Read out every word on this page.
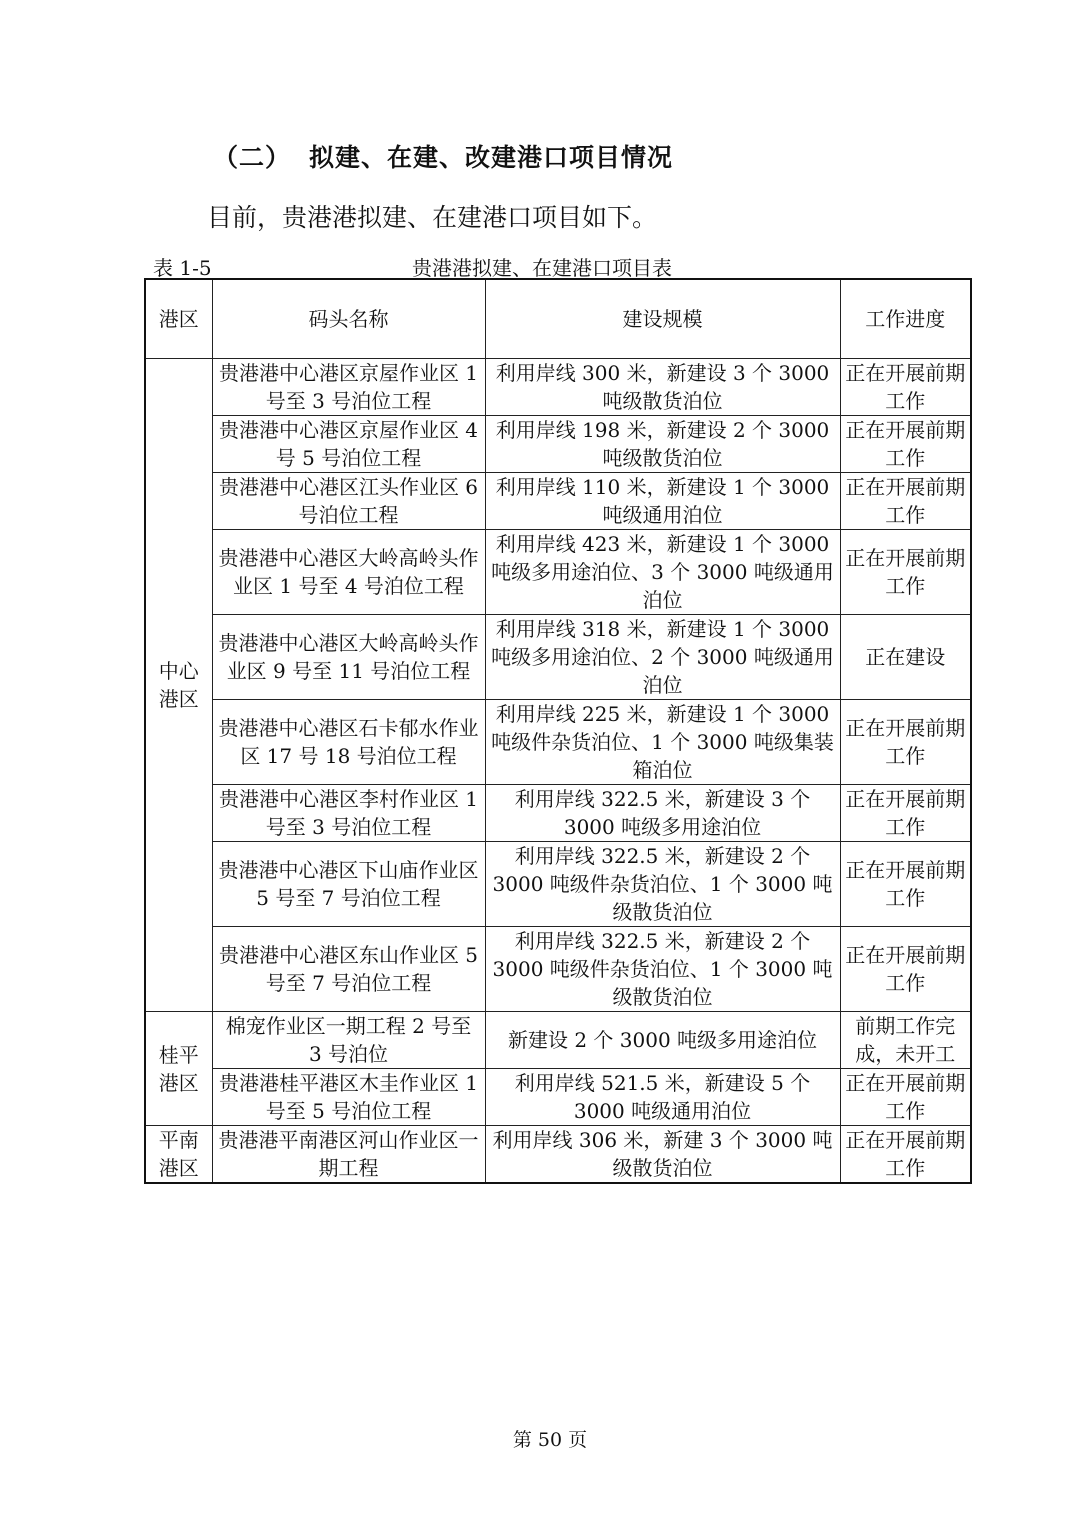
（二） 拟建、在建、改建港口项目情况
目前，贵港港拟建、在建港口项目如下。
表 1-5	贵港港拟建、在建港口项目表
港区	码头名称	建设规模	工作进度
中心港区	贵港港中心港区京屋作业区 1 号至 3 号泊位工程	利用岸线 300 米，新建设 3 个 3000 吨级散货泊位	正在开展前期工作
	贵港港中心港区京屋作业区 4 号 5 号泊位工程	利用岸线 198 米，新建设 2 个 3000 吨级散货泊位	正在开展前期工作
	贵港港中心港区江头作业区 6 号泊位工程	利用岸线 110 米，新建设 1 个 3000 吨级通用泊位	正在开展前期工作
	贵港港中心港区大岭高岭头作业区 1 号至 4 号泊位工程	利用岸线 423 米，新建设 1 个 3000 吨级多用途泊位、3 个 3000 吨级通用泊位	正在开展前期工作
	贵港港中心港区大岭高岭头作业区 9 号至 11 号泊位工程	利用岸线 318 米，新建设 1 个 3000 吨级多用途泊位、2 个 3000 吨级通用泊位	正在建设
	贵港港中心港区石卡郁水作业区 17 号 18 号泊位工程	利用岸线 225 米，新建设 1 个 3000 吨级件杂货泊位、1 个 3000 吨级集装箱泊位	正在开展前期工作
	贵港港中心港区李村作业区 1 号至 3 号泊位工程	利用岸线 322.5 米，新建设 3 个 3000 吨级多用途泊位	正在开展前期工作
	贵港港中心港区下山庙作业区 5 号至 7 号泊位工程	利用岸线 322.5 米，新建设 2 个 3000 吨级件杂货泊位、1 个 3000 吨级散货泊位	正在开展前期工作
	贵港港中心港区东山作业区 5 号至 7 号泊位工程	利用岸线 322.5 米，新建设 2 个 3000 吨级件杂货泊位、1 个 3000 吨级散货泊位	正在开展前期工作
桂平港区	棉宠作业区一期工程 2 号至 3 号泊位	新建设 2 个 3000 吨级多用途泊位	前期工作完成，未开工
	贵港港桂平港区木圭作业区 1 号至 5 号泊位工程	利用岸线 521.5 米，新建设 5 个 3000 吨级通用泊位	正在开展前期工作
平南港区	贵港港平南港区河山作业区一期工程	利用岸线 306 米，新建 3 个 3000 吨级散货泊位	正在开展前期工作
第 50 页
